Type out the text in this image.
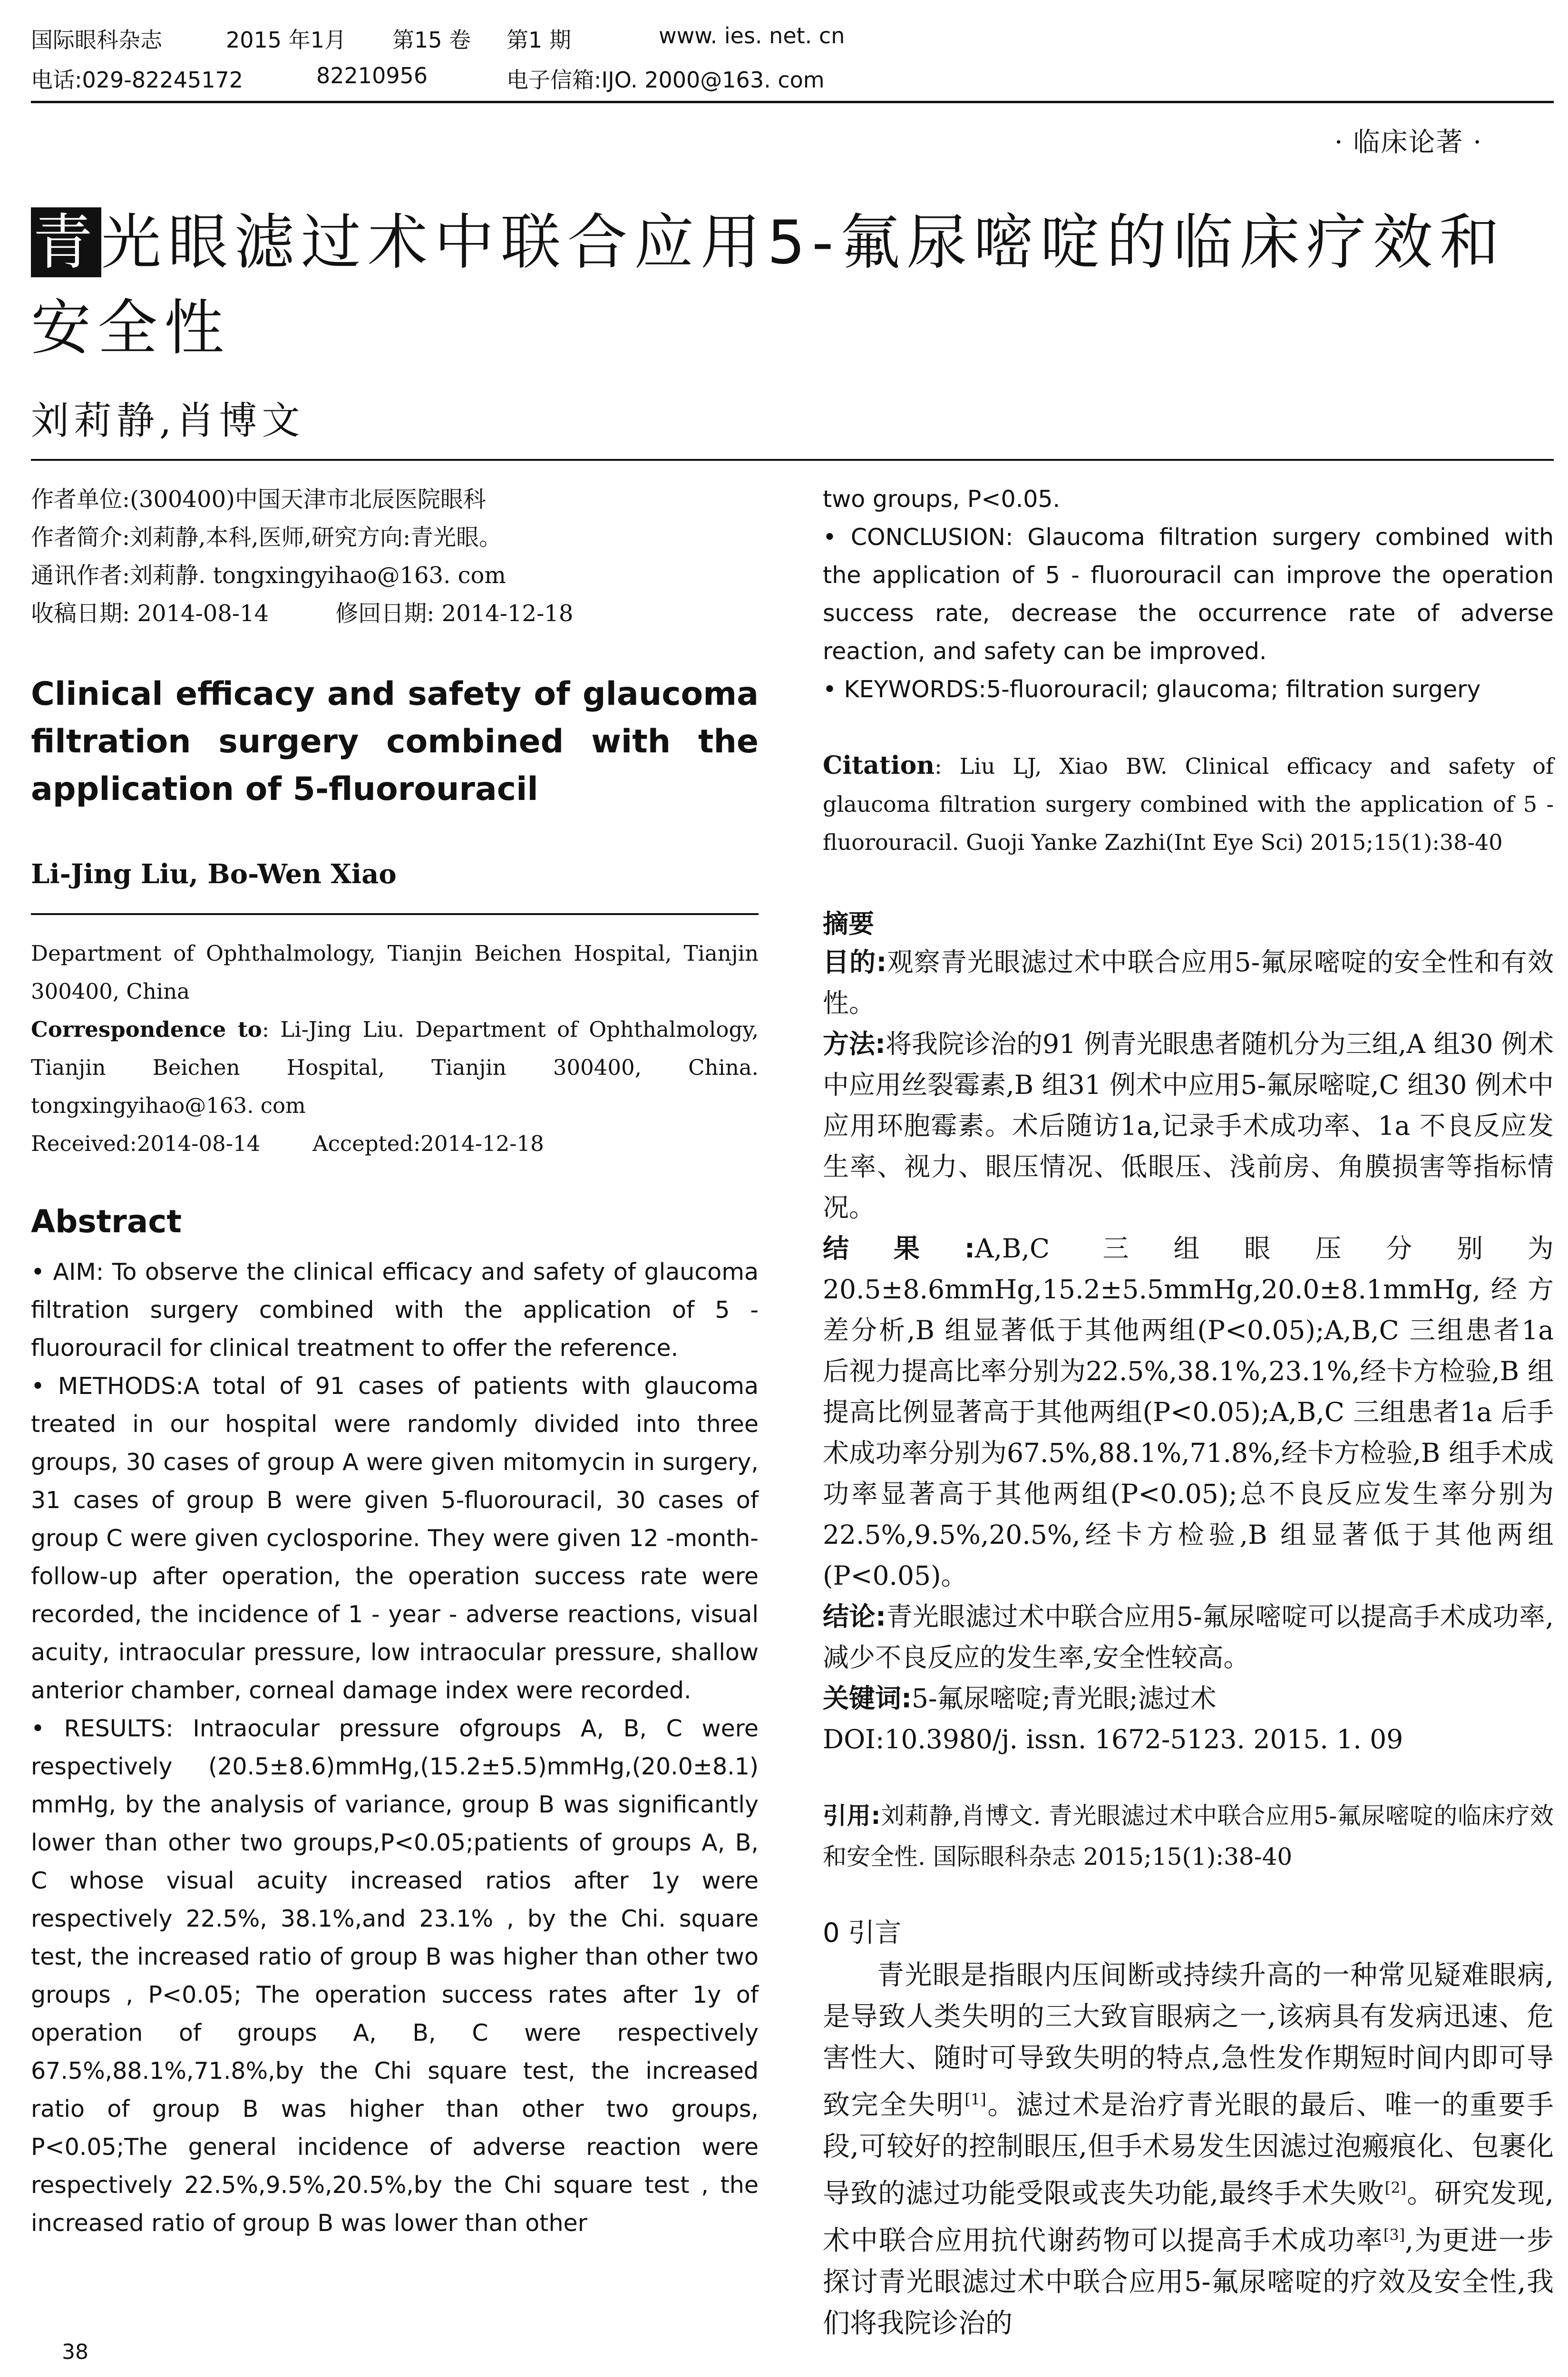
国际眼科杂志	2015 年1月 第15 卷 第1 期	www. ies. net. cn
电话:029-82245172	82210956	电子信箱:IJO. 2000@163. com
· 临床论著 ·
青光眼滤过术中联合应用5-氟尿嘧啶的临床疗效和安全性
刘莉静,肖博文
作者单位:(300400)中国天津市北辰医院眼科
作者简介:刘莉静,本科,医师,研究方向:青光眼。
通讯作者:刘莉静. tongxingyihao@163. com
收稿日期: 2014-08-14	修回日期: 2014-12-18
Clinical efficacy and safety of glaucoma filtration surgery combined with the application of 5-fluorouracil
Li-Jing Liu, Bo-Wen Xiao
Department of Ophthalmology, Tianjin Beichen Hospital, Tianjin 300400, China
Correspondence to: Li-Jing Liu. Department of Ophthalmology, Tianjin Beichen Hospital, Tianjin 300400, China. tongxingyihao@163. com
Received:2014-08-14 Accepted:2014-12-18
Abstract

• AIM: To observe the clinical efficacy and safety of glaucoma filtration surgery combined with the application of 5 - fluorouracil for clinical treatment to offer the reference.

• METHODS:A total of 91 cases of patients with glaucoma treated in our hospital were randomly divided into three groups, 30 cases of group A were given mitomycin in surgery, 31 cases of group B were given 5-fluorouracil, 30 cases of group C were given cyclosporine. They were given 12 -month-follow-up after operation, the operation success rate were recorded, the incidence of 1 - year - adverse reactions, visual acuity, intraocular pressure, low intraocular pressure, shallow anterior chamber, corneal damage index were recorded.

• RESULTS: Intraocular pressure ofgroups A, B, C were respectively (20.5±8.6)mmHg,(15.2±5.5)mmHg,(20.0±8.1) mmHg, by the analysis of variance, group B was significantly lower than other two groups,P<0.05;patients of groups A, B, C whose visual acuity increased ratios after 1y were respectively 22.5%, 38.1%,and 23.1% , by the Chi. square test, the increased ratio of group B was higher than other two groups , P<0.05; The operation success rates after 1y of operation of groups A, B, C were respectively 67.5%,88.1%,71.8%,by the Chi square test, the increased ratio of group B was higher than other two groups, P<0.05;The general incidence of adverse reaction were respectively 22.5%,9.5%,20.5%,by the Chi square test , the increased ratio of group B was lower than other

two groups, P<0.05.

• CONCLUSION: Glaucoma filtration surgery combined with the application of 5 - fluorouracil can improve the operation success rate, decrease the occurrence rate of adverse reaction, and safety can be improved.

• KEYWORDS:5-fluorouracil; glaucoma; filtration surgery

Citation: Liu LJ, Xiao BW. Clinical efficacy and safety of glaucoma filtration surgery combined with the application of 5 - fluorouracil. Guoji Yanke Zazhi(Int Eye Sci) 2015;15(1):38-40
摘要

目的:观察青光眼滤过术中联合应用5-氟尿嘧啶的安全性和有效性。

方法:将我院诊治的91 例青光眼患者随机分为三组,A 组30 例术中应用丝裂霉素,B 组31 例术中应用5-氟尿嘧啶,C 组30 例术中应用环胞霉素。术后随访1a,记录手术成功率、1a 不良反应发生率、视力、眼压情况、低眼压、浅前房、角膜损害等指标情况。

结果:A,B,C 三组眼压分别为20.5±8.6mmHg,15.2±5.5mmHg,20.0±8.1mmHg,经方差分析,B 组显著低于其他两组(P<0.05);A,B,C 三组患者1a 后视力提高比率分别为22.5%,38.1%,23.1%,经卡方检验,B 组提高比例显著高于其他两组(P<0.05);A,B,C 三组患者1a 后手术成功率分别为67.5%,88.1%,71.8%,经卡方检验,B 组手术成功率显著高于其他两组(P<0.05);总不良反应发生率分别为22.5%,9.5%,20.5%,经卡方检验,B 组显著低于其他两组(P<0.05)。

结论:青光眼滤过术中联合应用5-氟尿嘧啶可以提高手术成功率,减少不良反应的发生率,安全性较高。

关键词:5-氟尿嘧啶;青光眼;滤过术

DOI:10.3980/j. issn. 1672-5123. 2015. 1. 09

引用:刘莉静,肖博文. 青光眼滤过术中联合应用5-氟尿嘧啶的临床疗效和安全性. 国际眼科杂志 2015;15(1):38-40
0 引言
青光眼是指眼内压间断或持续升高的一种常见疑难眼病,是导致人类失明的三大致盲眼病之一,该病具有发病迅速、危害性大、随时可导致失明的特点,急性发作期短时间内即可导致完全失明[1]。滤过术是治疗青光眼的最后、唯一的重要手段,可较好的控制眼压,但手术易发生因滤过泡瘢痕化、包裹化导致的滤过功能受限或丧失功能,最终手术失败[2]。研究发现,术中联合应用抗代谢药物可以提高手术成功率[3],为更进一步探讨青光眼滤过术中联合应用5-氟尿嘧啶的疗效及安全性,我们将我院诊治的
38
